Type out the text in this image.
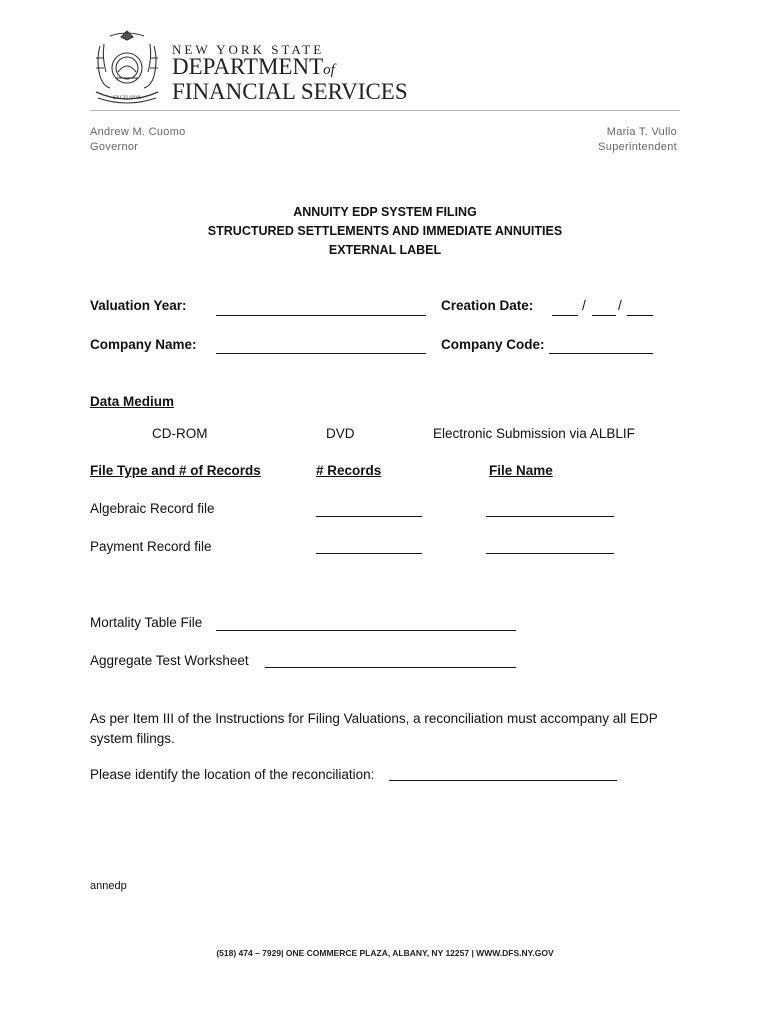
EXCELSIOR
NEW YORK STATE
DEPARTMENTof
FINANCIAL SERVICES
Andrew M. Cuomo
Governor
Maria T. Vullo
Superintendent
ANNUITY EDP SYSTEM FILING
STRUCTURED SETTLEMENTS AND IMMEDIATE ANNUITIES
EXTERNAL LABEL
Valuation Year:	Creation Date:	/ /
Company Name:	Company Code:
Data Medium
CD-ROM	DVD	Electronic Submission via ALBLIF
File Type and # of Records	# Records	File Name
Algebraic Record file
Payment Record file
Mortality Table File
Aggregate Test Worksheet
As per Item III of the Instructions for Filing Valuations, a reconciliation must accompany all EDP system filings.
Please identify the location of the reconciliation:
annedp
(518) 474 – 7929| ONE COMMERCE PLAZA, ALBANY, NY 12257 | WWW.DFS.NY.GOV
